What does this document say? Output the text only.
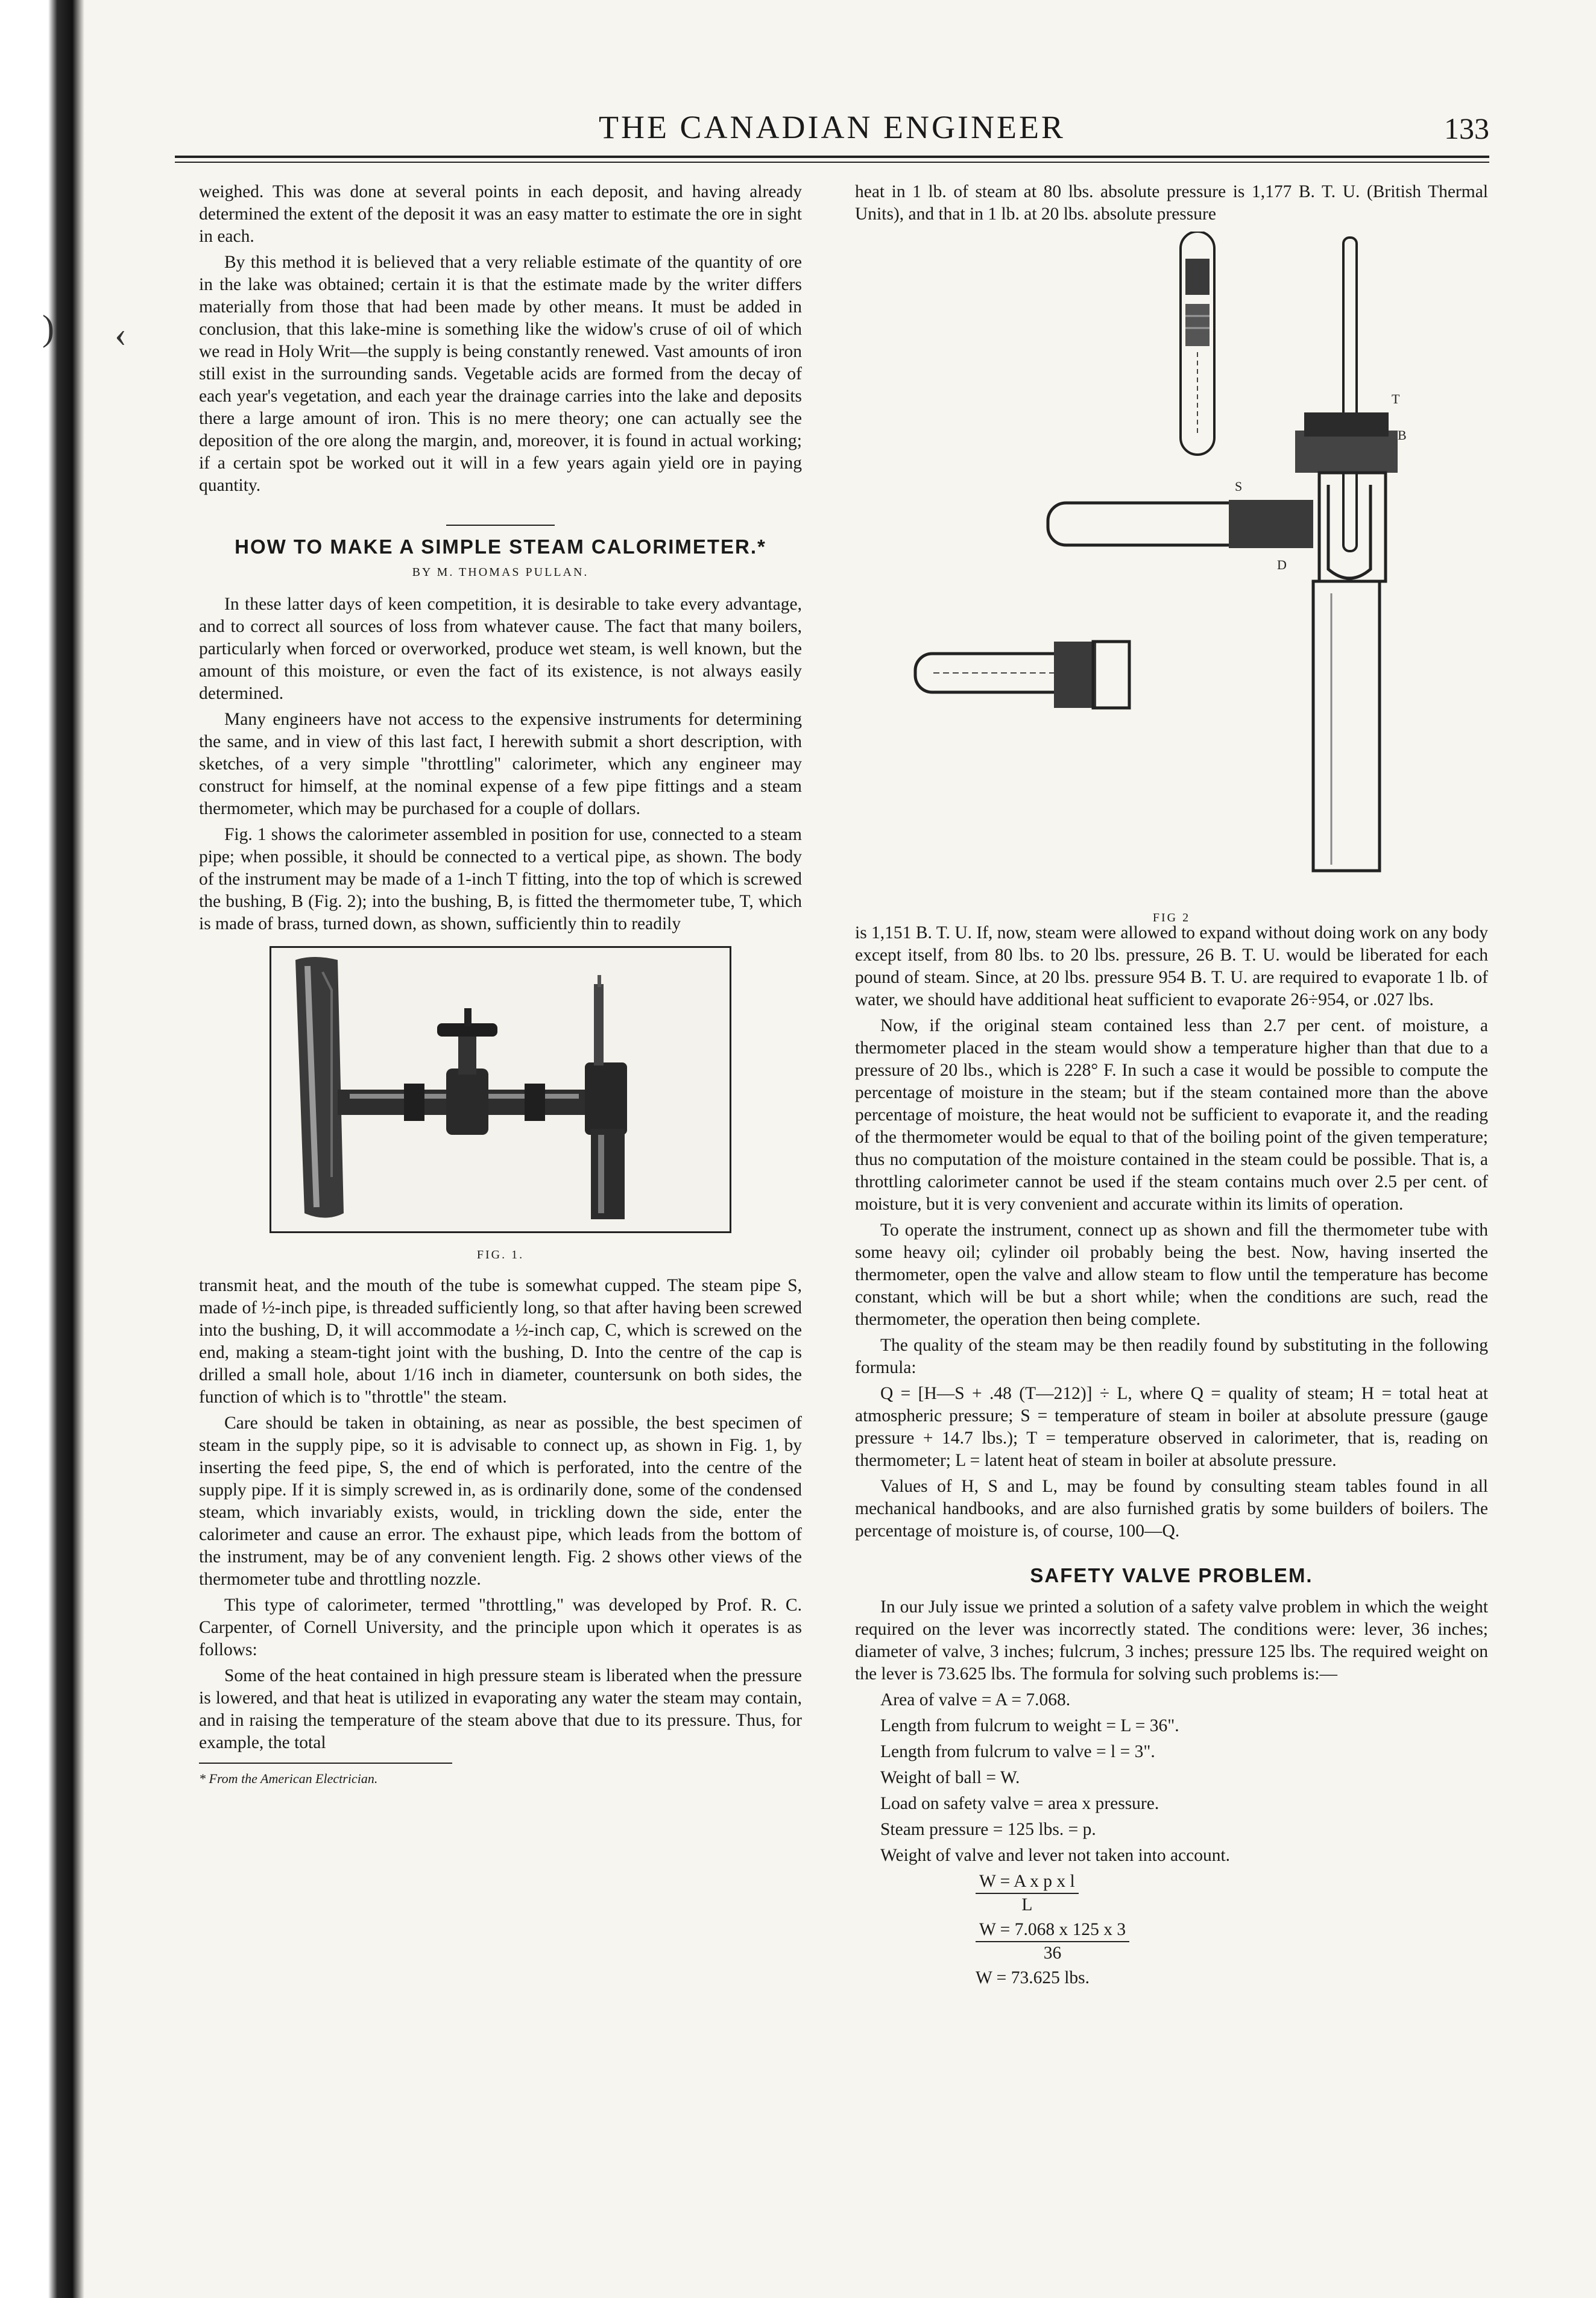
) ‹
THE CANADIAN ENGINEER	133

weighed. This was done at several points in each deposit, and having already determined the extent of the deposit it was an easy matter to estimate the ore in sight in each.

By this method it is believed that a very reliable estimate of the quantity of ore in the lake was obtained; certain it is that the estimate made by the writer differs materially from those that had been made by other means. It must be added in conclusion, that this lake-mine is something like the widow's cruse of oil of which we read in Holy Writ—the supply is being constantly renewed. Vast amounts of iron still exist in the surrounding sands. Vegetable acids are formed from the decay of each year's vegetation, and each year the drainage carries into the lake and deposits there a large amount of iron. This is no mere theory; one can actually see the deposition of the ore along the margin, and, moreover, it is found in actual working; if a certain spot be worked out it will in a few years again yield ore in paying quantity.

HOW TO MAKE A SIMPLE STEAM CALORIMETER.*
BY M. THOMAS PULLAN.

In these latter days of keen competition, it is desirable to take every advantage, and to correct all sources of loss from whatever cause. The fact that many boilers, particularly when forced or overworked, produce wet steam, is well known, but the amount of this moisture, or even the fact of its existence, is not always easily determined.

Many engineers have not access to the expensive instruments for determining the same, and in view of this last fact, I herewith submit a short description, with sketches, of a very simple "throttling" calorimeter, which any engineer may construct for himself, at the nominal expense of a few pipe fittings and a steam thermometer, which may be purchased for a couple of dollars.

Fig. 1 shows the calorimeter assembled in position for use, connected to a steam pipe; when possible, it should be connected to a vertical pipe, as shown. The body of the instrument may be made of a 1-inch T fitting, into the top of which is screwed the bushing, B (Fig. 2); into the bushing, B, is fitted the thermometer tube, T, which is made of brass, turned down, as shown, sufficiently thin to readily

FIG. 1.

transmit heat, and the mouth of the tube is somewhat cupped. The steam pipe S, made of ½-inch pipe, is threaded sufficiently long, so that after having been screwed into the bushing, D, it will accommodate a ½-inch cap, C, which is screwed on the end, making a steam-tight joint with the bushing, D. Into the centre of the cap is drilled a small hole, about 1/16 inch in diameter, countersunk on both sides, the function of which is to "throttle" the steam.

Care should be taken in obtaining, as near as possible, the best specimen of steam in the supply pipe, so it is advisable to connect up, as shown in Fig. 1, by inserting the feed pipe, S, the end of which is perforated, into the centre of the supply pipe. If it is simply screwed in, as is ordinarily done, some of the condensed steam, which invariably exists, would, in trickling down the side, enter the calorimeter and cause an error. The exhaust pipe, which leads from the bottom of the instrument, may be of any convenient length. Fig. 2 shows other views of the thermometer tube and throttling nozzle.

This type of calorimeter, termed "throttling," was developed by Prof. R. C. Carpenter, of Cornell University, and the principle upon which it operates is as follows:

Some of the heat contained in high pressure steam is liberated when the pressure is lowered, and that heat is utilized in evaporating any water the steam may contain, and in raising the temperature of the steam above that due to its pressure. Thus, for example, the total

* From the American Electrician.

heat in 1 lb. of steam at 80 lbs. absolute pressure is 1,177 B. T. U. (British Thermal Units), and that in 1 lb. at 20 lbs. absolute pressure

T
B
S
D
FIG 2

is 1,151 B. T. U. If, now, steam were allowed to expand without doing work on any body except itself, from 80 lbs. to 20 lbs. pressure, 26 B. T. U. would be liberated for each pound of steam. Since, at 20 lbs. pressure 954 B. T. U. are required to evaporate 1 lb. of water, we should have additional heat sufficient to evaporate 26÷954, or .027 lbs.

Now, if the original steam contained less than 2.7 per cent. of moisture, a thermometer placed in the steam would show a temperature higher than that due to a pressure of 20 lbs., which is 228° F. In such a case it would be possible to compute the percentage of moisture in the steam; but if the steam contained more than the above percentage of moisture, the heat would not be sufficient to evaporate it, and the reading of the thermometer would be equal to that of the boiling point of the given temperature; thus no computation of the moisture contained in the steam could be possible. That is, a throttling calorimeter cannot be used if the steam contains much over 2.5 per cent. of moisture, but it is very convenient and accurate within its limits of operation.

To operate the instrument, connect up as shown and fill the thermometer tube with some heavy oil; cylinder oil probably being the best. Now, having inserted the thermometer, open the valve and allow steam to flow until the temperature has become constant, which will be but a short while; when the conditions are such, read the thermometer, the operation then being complete.

The quality of the steam may be then readily found by substituting in the following formula:

Q = [H—S + .48 (T—212)] ÷ L, where Q = quality of steam; H = total heat at atmospheric pressure; S = temperature of steam in boiler at absolute pressure (gauge pressure + 14.7 lbs.); T = temperature observed in calorimeter, that is, reading on thermometer; L = latent heat of steam in boiler at absolute pressure.

Values of H, S and L, may be found by consulting steam tables found in all mechanical handbooks, and are also furnished gratis by some builders of boilers. The percentage of moisture is, of course, 100—Q.

SAFETY VALVE PROBLEM.

In our July issue we printed a solution of a safety valve problem in which the weight required on the lever was incorrectly stated. The conditions were: lever, 36 inches; diameter of valve, 3 inches; fulcrum, 3 inches; pressure 125 lbs. The required weight on the lever is 73.625 lbs. The formula for solving such problems is:—

Area of valve = A = 7.068.

Length from fulcrum to weight = L = 36".

Length from fulcrum to valve = l = 3".

Weight of ball = W.

Load on safety valve = area x pressure.

Steam pressure = 125 lbs. = p.

Weight of valve and lever not taken into account.

$\frac{\text{W = A x p x l}}{L}$
$\frac{W = 7.068 x 125 x 3}{36}$
W = 73.625 lbs.
